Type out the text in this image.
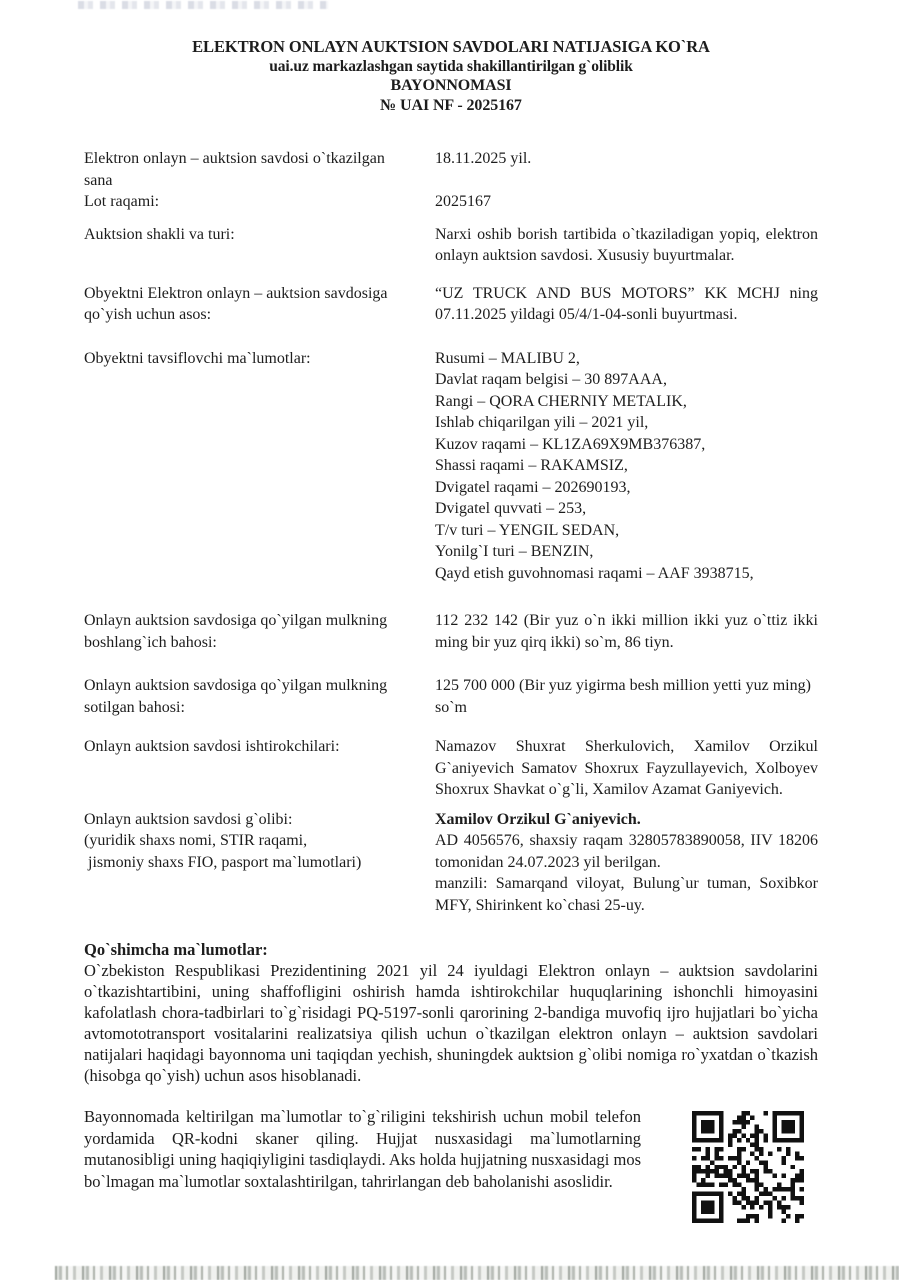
ELEKTRON ONLAYN AUKTSION SAVDOLARI NATIJASIGA KO`RA
uai.uz markazlashgan saytida shakillantirilgan g`oliblik
BAYONNOMASI
№ UAI NF - 2025167
Elektron onlayn – auktsion savdosi o`tkazilgan sana
18.11.2025 yil.
Lot raqami:	2025167
Auktsion shakli va turi:	Narxi oshib borish tartibida o`tkaziladigan yopiq, elektron onlayn auktsion savdosi. Xususiy buyurtmalar.
Obyektni Elektron onlayn – auktsion savdosiga qo`yish uchun asos:
“UZ TRUCK AND BUS MOTORS” KK MCHJ ning 07.11.2025 yildagi 05/4/1-04-sonli buyurtmasi.
Obyektni tavsiflovchi ma`lumotlar:	Rusumi – MALIBU 2,
Davlat raqam belgisi – 30 897AAA,
Rangi – QORA CHERNIY METALIK,
Ishlab chiqarilgan yili – 2021 yil,
Kuzov raqami – KL1ZA69X9MB376387,
Shassi raqami – RAKAMSIZ,
Dvigatel raqami – 202690193,
Dvigatel quvvati – 253,
T/v turi – YENGIL SEDAN,
Yonilg`I turi – BENZIN,
Qayd etish guvohnomasi raqami – AAF 3938715,
Onlayn auktsion savdosiga qo`yilgan mulkning boshlang`ich bahosi:
112 232 142 (Bir yuz o`n ikki million ikki yuz o`ttiz ikki ming bir yuz qirq ikki) so`m, 86 tiyn.
Onlayn auktsion savdosiga qo`yilgan mulkning sotilgan bahosi:
125 700 000 (Bir yuz yigirma besh million yetti yuz ming) so`m
Onlayn auktsion savdosi ishtirokchilari:	Namazov Shuxrat Sherkulovich, Xamilov Orzikul G`aniyevich Samatov Shoxrux Fayzullayevich, Xolboyev Shoxrux Shavkat o`g`li, Xamilov Azamat Ganiyevich.
Onlayn auktsion savdosi g`olibi:
(yuridik shaxs nomi, STIR raqami,
jismoniy shaxs FIO, pasport ma`lumotlari)
Xamilov Orzikul G`aniyevich.
AD 4056576, shaxsiy raqam 32805783890058, IIV 18206 tomonidan 24.07.2023 yil berilgan.
manzili: Samarqand viloyat, Bulung`ur tuman, Soxibkor MFY, Shirinkent ko`chasi 25-uy.
Qo`shimcha ma`lumotlar:
O`zbekiston Respublikasi Prezidentining 2021 yil 24 iyuldagi Elektron onlayn – auktsion savdolarini o`tkazishtartibini, uning shaffofligini oshirish hamda ishtirokchilar huquqlarining ishonchli himoyasini kafolatlash chora-tadbirlari to`g`risidagi PQ-5197-sonli qarorining 2-bandiga muvofiq ijro hujjatlari bo`yicha avtomototransport vositalarini realizatsiya qilish uchun o`tkazilgan elektron onlayn – auktsion savdolari natijalari haqidagi bayonnoma uni taqiqdan yechish, shuningdek auktsion g`olibi nomiga ro`yxatdan o`tkazish (hisobga qo`yish) uchun asos hisoblanadi.
Bayonnomada keltirilgan ma`lumotlar to`g`riligini tekshirish uchun mobil telefon yordamida QR-kodni skaner qiling. Hujjat nusxasidagi ma`lumotlarning mutanosibligi uning haqiqiyligini tasdiqlaydi. Aks holda hujjatning nusxasidagi mos bo`lmagan ma`lumotlar soxtalashtirilgan, tahrirlangan deb baholanishi asoslidir.
